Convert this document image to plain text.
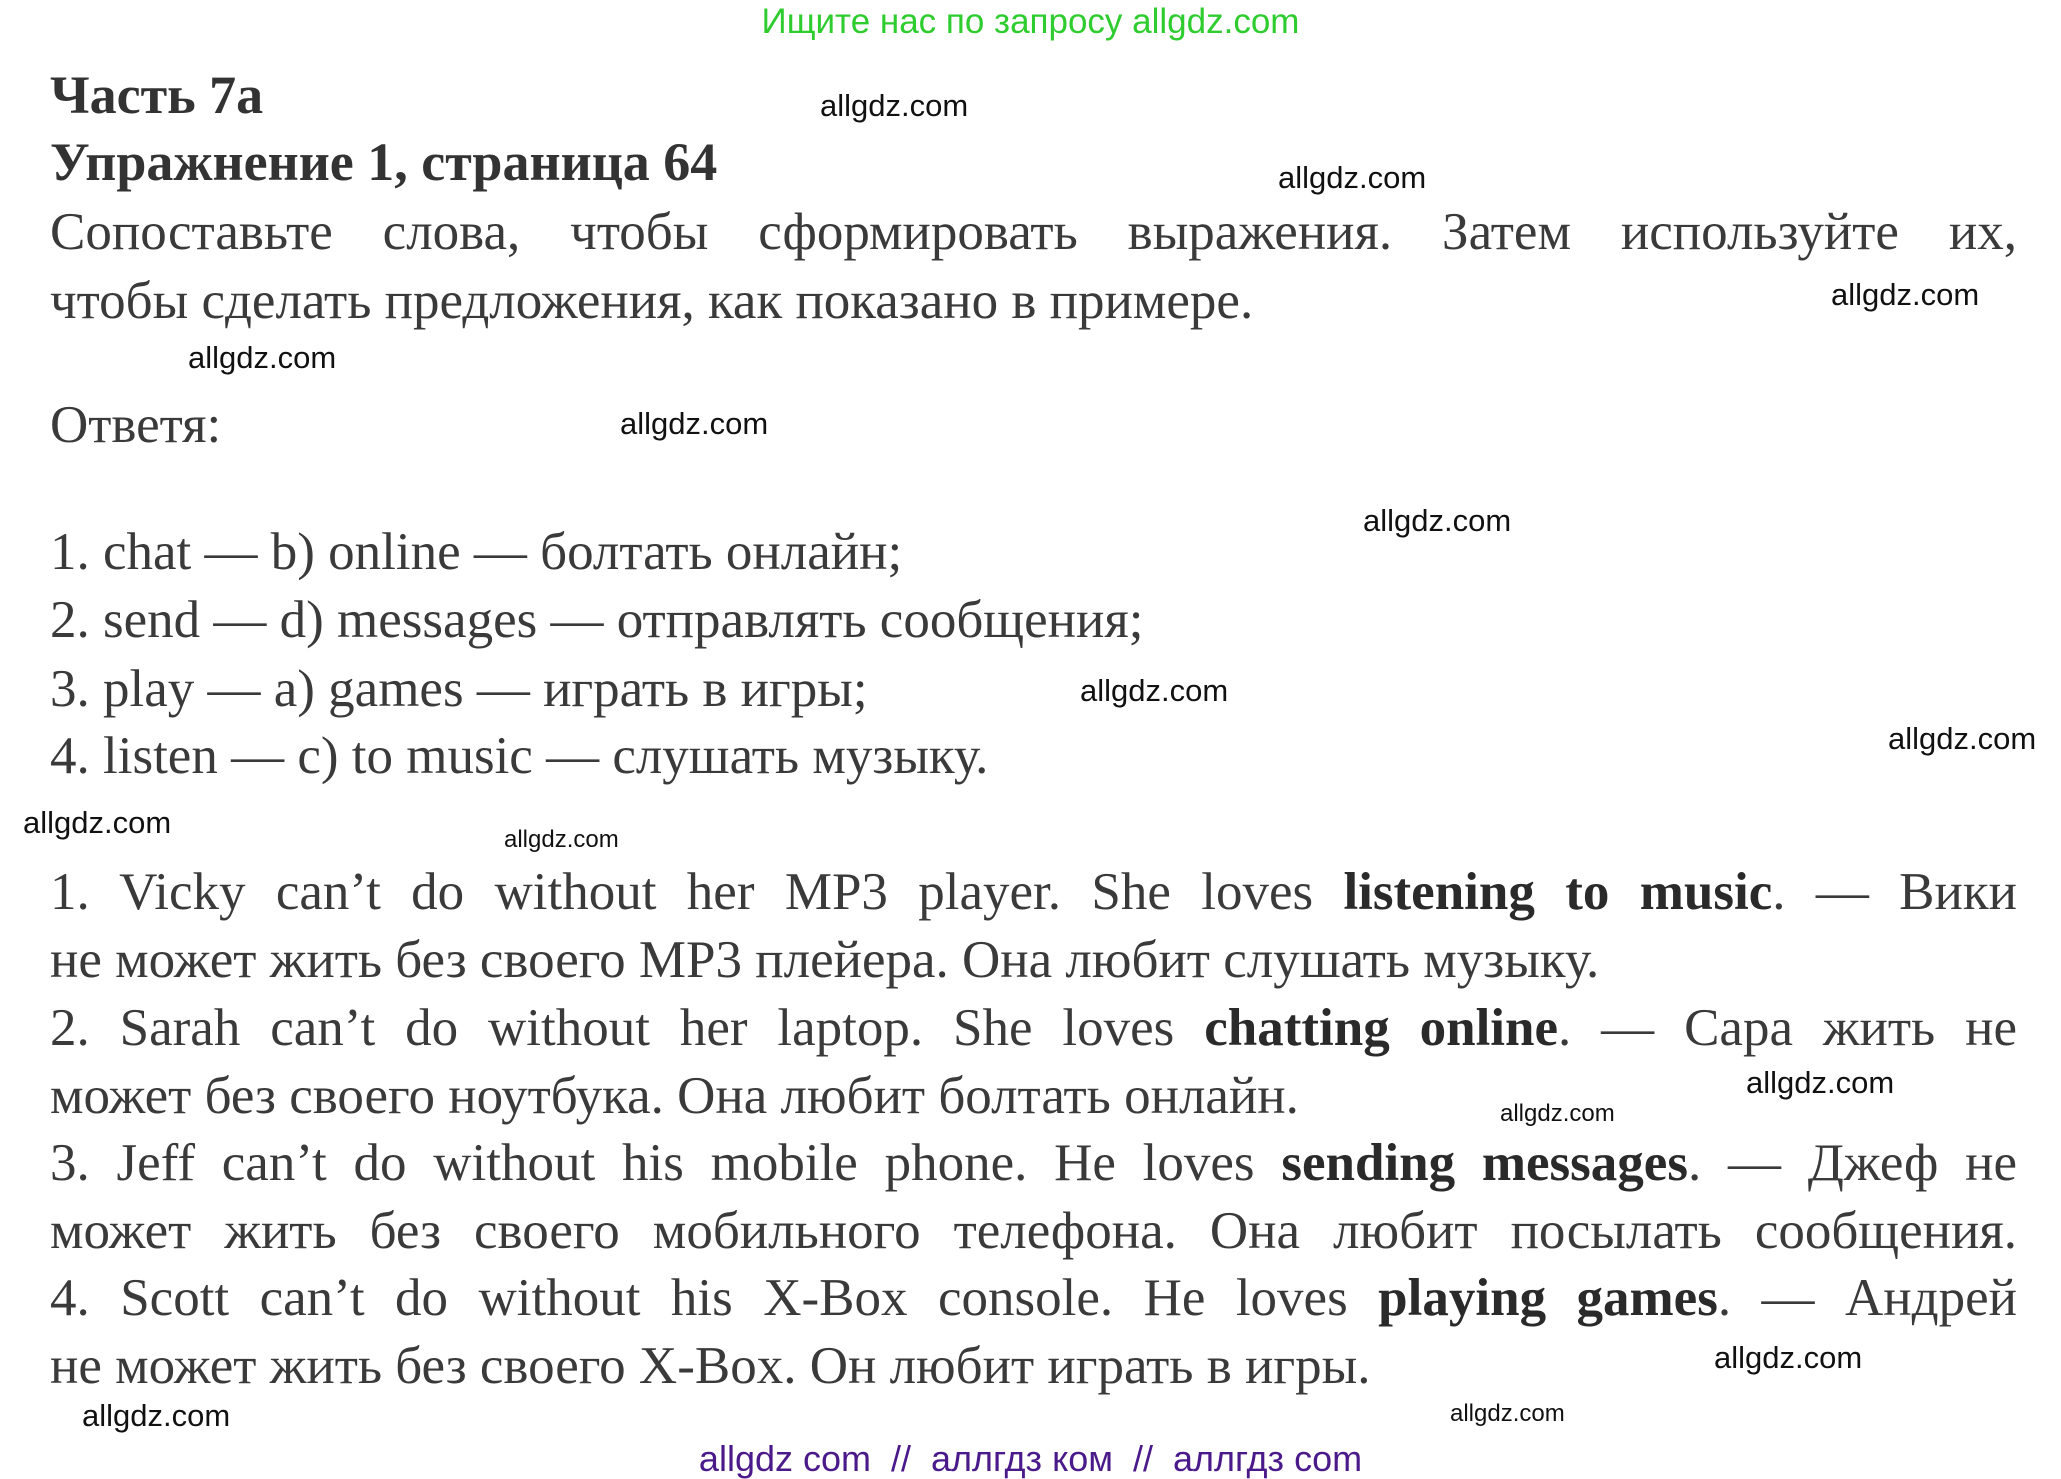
Ищите нас по запросу allgdz.com
Часть 7a
Упражнение 1, страница 64
Сопоставьте слова, чтобы сформировать выражения. Затем используйте их,
чтобы сделать предложения, как показано в примере.
Ответя:
1. chat — b) online — болтать онлайн;
2. send — d) messages — отправлять сообщения;
3. play — a) games — играть в игры;
4. listen — c) to music — слушать музыку.
1. Vicky can’t do without her MP3 player. She loves listening to music. — Вики
не может жить без своего MP3 плейера. Она любит слушать музыку.
2. Sarah can’t do without her laptop. She loves chatting online. — Сара жить не
может без своего ноутбука. Она любит болтать онлайн.
3. Jeff can’t do without his mobile phone. He loves sending messages. — Джеф не
может жить без своего мобильного телефона. Она любит посылать сообщения.
4. Scott can’t do without his X-Box console. He loves playing games. — Андрей
не может жить без своего X-Box. Он любит играть в игры.
allgdz.com
allgdz.com
allgdz.com
allgdz.com
allgdz.com
allgdz.com
allgdz.com
allgdz.com
allgdz.com	allgdz.com
allgdz.com
allgdz.com
allgdz.com
allgdz.com
allgdz.com
allgdz com  //  аллгдз ком  //  аллгдз com
